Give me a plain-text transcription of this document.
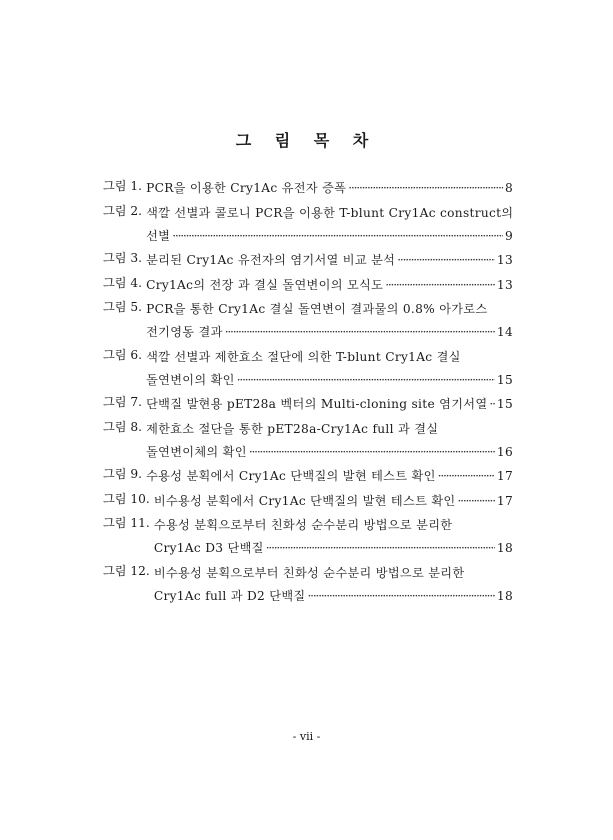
그 림 목 차
그림 1. PCR을 이용한 Cry1Ac 유전자 증폭 ·····	8
그림 2. 색깔 선별과 콜로니 PCR을 이용한 T-blunt Cry1Ac construct의
선별 ·····	9
그림 3. 분리된 Cry1Ac 유전자의 염기서열 비교 분석 ·····	13
그림 4. Cry1Ac의 전장 과 결실 돌연변이의 모식도 ·····	13
그림 5. PCR을 통한 Cry1Ac 결실 돌연변이 결과물의 0.8% 아가로스
전기영동 결과 ·····	14
그림 6. 색깔 선별과 제한효소 절단에 의한 T-blunt Cry1Ac 결실
돌연변이의 확인 ·····	15
그림 7. 단백질 발현용 pET28a 벡터의 Multi-cloning site 염기서열 ····· 15
그림 8. 제한효소 절단을 통한 pET28a-Cry1Ac full 과 결실
돌연변이체의 확인 ·····	16
그림 9. 수용성 분획에서 Cry1Ac 단백질의 발현 테스트 확인 ·····	17
그림 10. 비수용성 분획에서 Cry1Ac 단백질의 발현 테스트 확인 ·····	17
그림 11. 수용성 분획으로부터 친화성 순수분리 방법으로 분리한
Cry1Ac D3 단백질 ·····	18
그림 12. 비수용성 분획으로부터 친화성 순수분리 방법으로 분리한
Cry1Ac full 과 D2 단백질 ·····	18
- vii -
